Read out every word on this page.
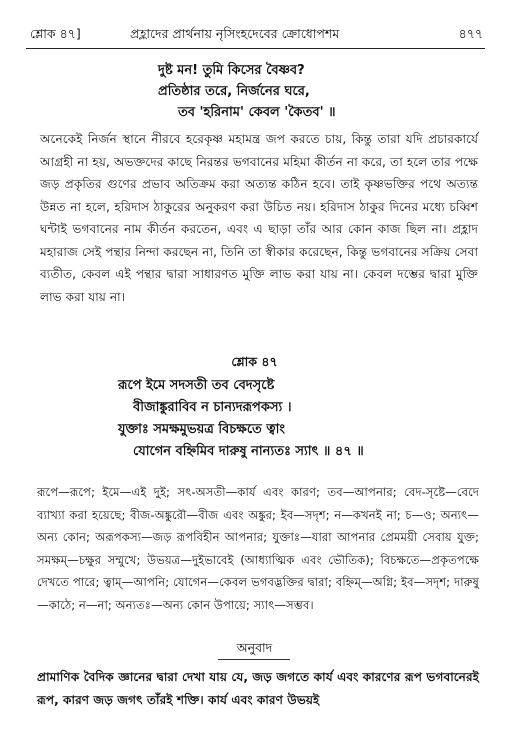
শ্লোক ৪৭]	প্রহ্লাদের প্রার্থনায় নৃসিংহদেবের ক্রোধোপশম	৪৭৭
দুষ্ট মন! তুমি কিসের বৈষ্ণব?
প্রতিষ্ঠার তরে, নির্জনের ঘরে,
তব 'হরিনাম' কেবল 'কৈতব' ॥
অনেকেই নির্জন স্থানে নীরবে হরেকৃষ্ণ মহামন্ত্র জপ করতে চায়, কিন্তু তারা যদি প্রচারকার্যে আগ্রহী না হয়, অভক্তদের কাছে নিরন্তর ভগবানের মহিমা কীর্তন না করে, তা হলে তার পক্ষে জড় প্রকৃতির গুণের প্রভাব অতিক্রম করা অত্যন্ত কঠিন হবে। তাই কৃষ্ণভক্তির পথে অত্যন্ত উন্নত না হলে, হরিদাস ঠাকুরের অনুকরণ করা উচিত নয়। হরিদাস ঠাকুর দিনের মধ্যে চব্বিশ ঘন্টাই ভগবানের নাম কীর্তন করতেন, এবং এ ছাড়া তাঁর আর কোন কাজ ছিল না। প্রহ্লাদ মহারাজ সেই পন্থার নিন্দা করছেন না, তিনি তা স্বীকার করেছেন, কিন্তু ভগবানের সক্রিয় সেবা ব্যতীত, কেবল এই পন্থার দ্বারা সাধারণত মুক্তি লাভ করা যায় না। কেবল দম্ভের দ্বারা মুক্তি লাভ করা যায় না।
শ্লোক ৪৭
রূপে ইমে সদসতী তব বেদসৃষ্টে
বীজাঙ্কুরাবিব ন চান্যদরূপকস্য ।
যুক্তাঃ সমক্ষমুভয়ত্র বিচক্ষতে ত্বাং
যোগেন বহ্নিমিব দারুষু নান্যতঃ স্যাৎ ॥ ৪৭ ॥
রূপে—রূপে; ইমে—এই দুই; সৎ-অসতী—কার্য এবং কারণ; তব—আপনার; বেদ-সৃষ্টে—বেদে ব্যাখ্যা করা হয়েছে; বীজ-অঙ্কুরৌ—বীজ এবং অঙ্কুর; ইব—সদৃশ; ন—কখনই না; চ—ও; অন্যৎ—অন্য কোন; অরূপকস্য—জড় রূপবিহীন আপনার; যুক্তাঃ—যারা আপনার প্রেমময়ী সেবায় যুক্ত; সমক্ষম্—চক্ষুর সম্মুখে; উভয়ত্র—দুইভাবেই (আধ্যাত্মিক এবং ভৌতিক); বিচক্ষতে—প্রকৃতপক্ষে দেখতে পারে; ত্বাম্—আপনি; যোগেন—কেবল ভগবদ্ভক্তির দ্বারা; বহ্নিম্—অগ্নি; ইব—সদৃশ; দারুষু—কাঠে; ন—না; অন্যতঃ—অন্য কোন উপায়ে; স্যাৎ—সম্ভব।
অনুবাদ
প্রামাণিক বৈদিক জ্ঞানের দ্বারা দেখা যায় যে, জড় জগতে কার্য এবং কারণের রূপ ভগবানেরই রূপ, কারণ জড় জগৎ তাঁরই শক্তি। কার্য এবং কারণ উভয়ই
